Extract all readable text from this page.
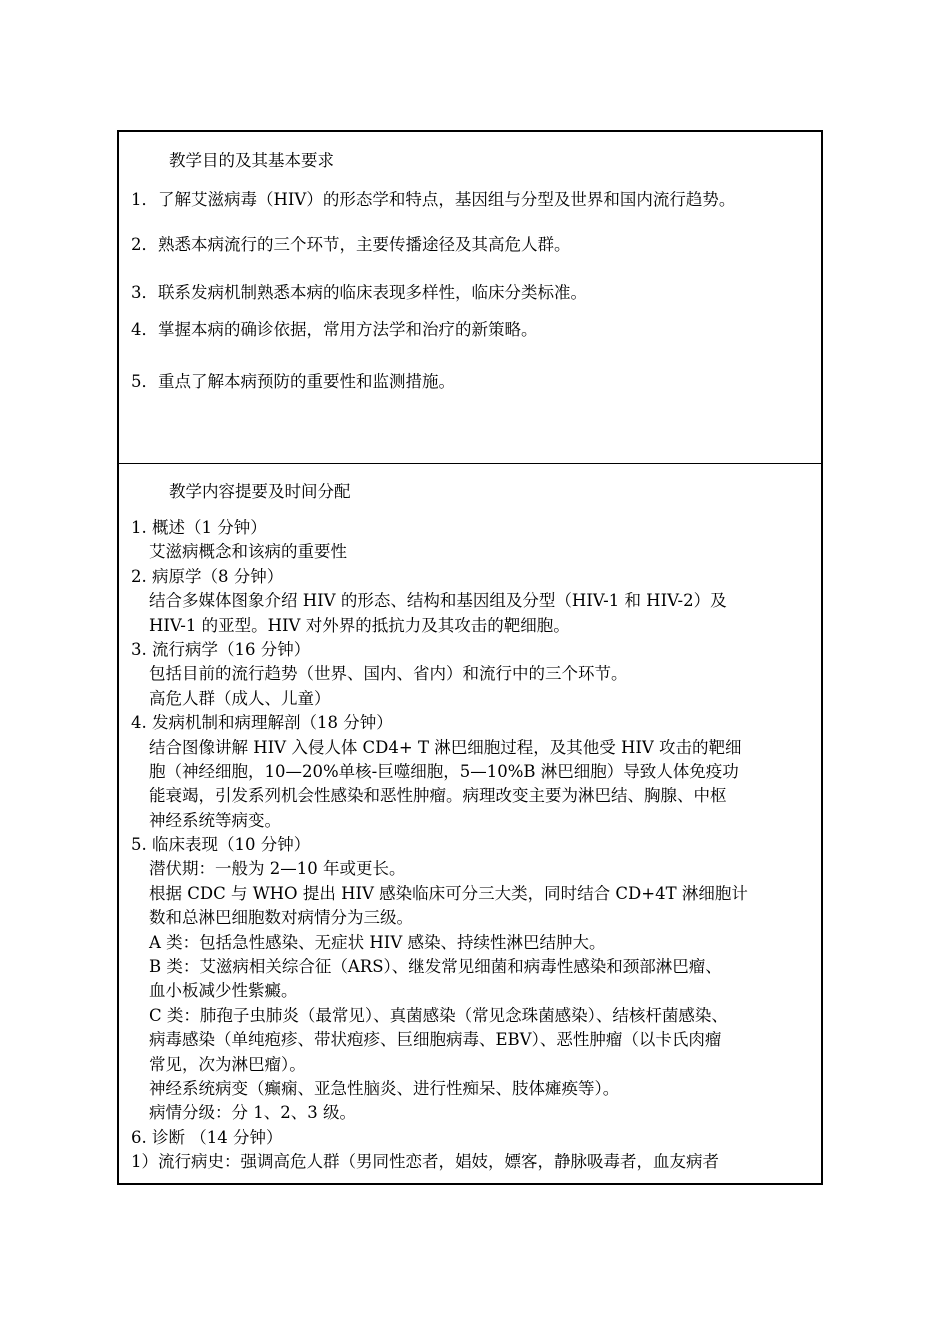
教学目的及其基本要求
1．了解艾滋病毒（HIV）的形态学和特点，基因组与分型及世界和国内流行趋势。
2．熟悉本病流行的三个环节，主要传播途径及其高危人群。
3．联系发病机制熟悉本病的临床表现多样性，临床分类标准。
4．掌握本病的确诊依据，常用方法学和治疗的新策略。
5．重点了解本病预防的重要性和监测措施。
教学内容提要及时间分配
1. 概述（1 分钟）
艾滋病概念和该病的重要性
2. 病原学（8 分钟）
结合多媒体图象介绍 HIV 的形态、结构和基因组及分型（HIV-1 和 HIV-2）及
HIV-1 的亚型。HIV 对外界的抵抗力及其攻击的靶细胞。
3. 流行病学（16 分钟）
包括目前的流行趋势（世界、国内、省内）和流行中的三个环节。
高危人群（成人、儿童）
4. 发病机制和病理解剖（18 分钟）
结合图像讲解 HIV 入侵人体 CD4+ T 淋巴细胞过程，及其他受 HIV 攻击的靶细
胞（神经细胞，10—20%单核-巨噬细胞，5—10%B 淋巴细胞）导致人体免疫功
能衰竭，引发系列机会性感染和恶性肿瘤。病理改变主要为淋巴结、胸腺、中枢
神经系统等病变。
5. 临床表现（10 分钟）
潜伏期：一般为 2—10 年或更长。
根据 CDC 与 WHO 提出 HIV 感染临床可分三大类，同时结合 CD+4T 淋细胞计
数和总淋巴细胞数对病情分为三级。
A 类：包括急性感染、无症状 HIV 感染、持续性淋巴结肿大。
B 类：艾滋病相关综合征（ARS）、继发常见细菌和病毒性感染和颈部淋巴瘤、
血小板减少性紫癜。
C 类：肺孢子虫肺炎（最常见）、真菌感染（常见念珠菌感染）、结核杆菌感染、
病毒感染（单纯疱疹、带状疱疹、巨细胞病毒、EBV）、恶性肿瘤（以卡氏肉瘤
常见，次为淋巴瘤）。
神经系统病变（癫痫、亚急性脑炎、进行性痴呆、肢体瘫痪等）。
病情分级：分 1、2、3 级。
6. 诊断 （14 分钟）
1）流行病史：强调高危人群（男同性恋者，娼妓，嫖客，静脉吸毒者，血友病者
